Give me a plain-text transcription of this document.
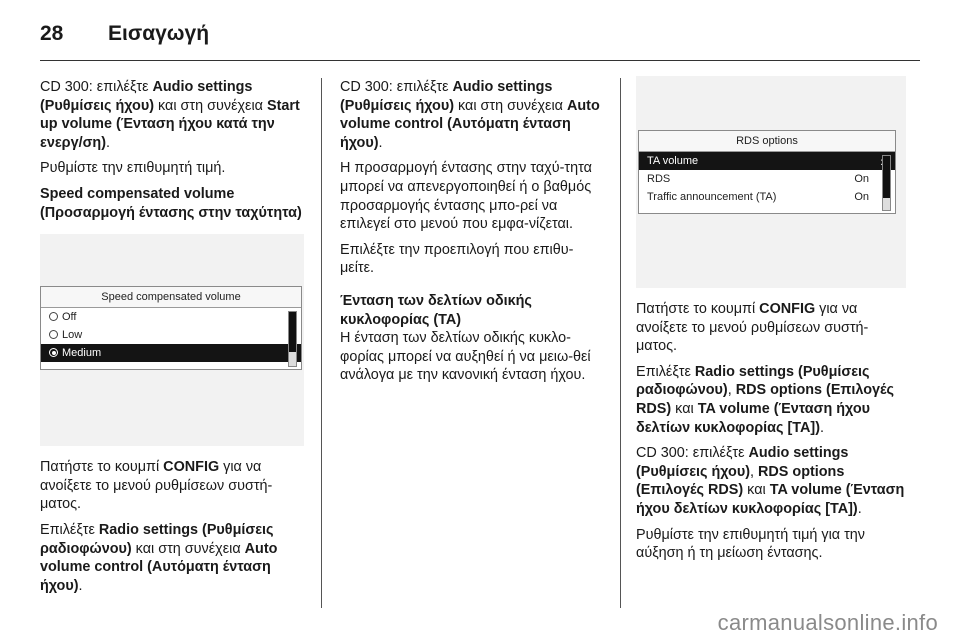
28 Εισαγωγή

CD 300: επιλέξτε Audio settings (Ρυθμίσεις ήχου) και στη συνέχεια Start up volume (Ένταση ήχου κατά την ενεργ/ση).

Ρυθμίστε την επιθυμητή τιμή.

Speed compensated volume (Προσαρμογή έντασης στην ταχύτητα)

Speed compensated volume
Off
Low
Medium

Πατήστε το κουμπί CONFIG για να ανοίξετε το μενού ρυθμίσεων συστή-ματος.

Επιλέξτε Radio settings (Ρυθμίσεις ραδιοφώνου) και στη συνέχεια Auto volume control (Αυτόματη ένταση ήχου).

CD 300: επιλέξτε Audio settings (Ρυθμίσεις ήχου) και στη συνέχεια Auto volume control (Αυτόματη ένταση ήχου).

Η προσαρμογή έντασης στην ταχύ-τητα μπορεί να απενεργοποιηθεί ή ο βαθμός προσαρμογής έντασης μπο-ρεί να επιλεγεί στο μενού που εμφα-νίζεται.

Επιλέξτε την προεπιλογή που επιθυ-μείτε.

Ένταση των δελτίων οδικής κυκλοφορίας (TA)

Η ένταση των δελτίων οδικής κυκλο-φορίας μπορεί να αυξηθεί ή να μειω-θεί ανάλογα με την κανονική ένταση ήχου.

RDS options
TA volume
RDS	On
Traffic announcement (TA)	On

Πατήστε το κουμπί CONFIG για να ανοίξετε το μενού ρυθμίσεων συστή-ματος.

Επιλέξτε Radio settings (Ρυθμίσεις ραδιοφώνου), RDS options (Επιλογές RDS) και TA volume (Ένταση ήχου δελτίων κυκλοφορίας [TA]).

CD 300: επιλέξτε Audio settings (Ρυθμίσεις ήχου), RDS options (Επιλογές RDS) και TA volume (Ένταση ήχου δελτίων κυκλοφορίας [TA]).

Ρυθμίστε την επιθυμητή τιμή για την αύξηση ή τη μείωση έντασης.

carmanualsonline.info
